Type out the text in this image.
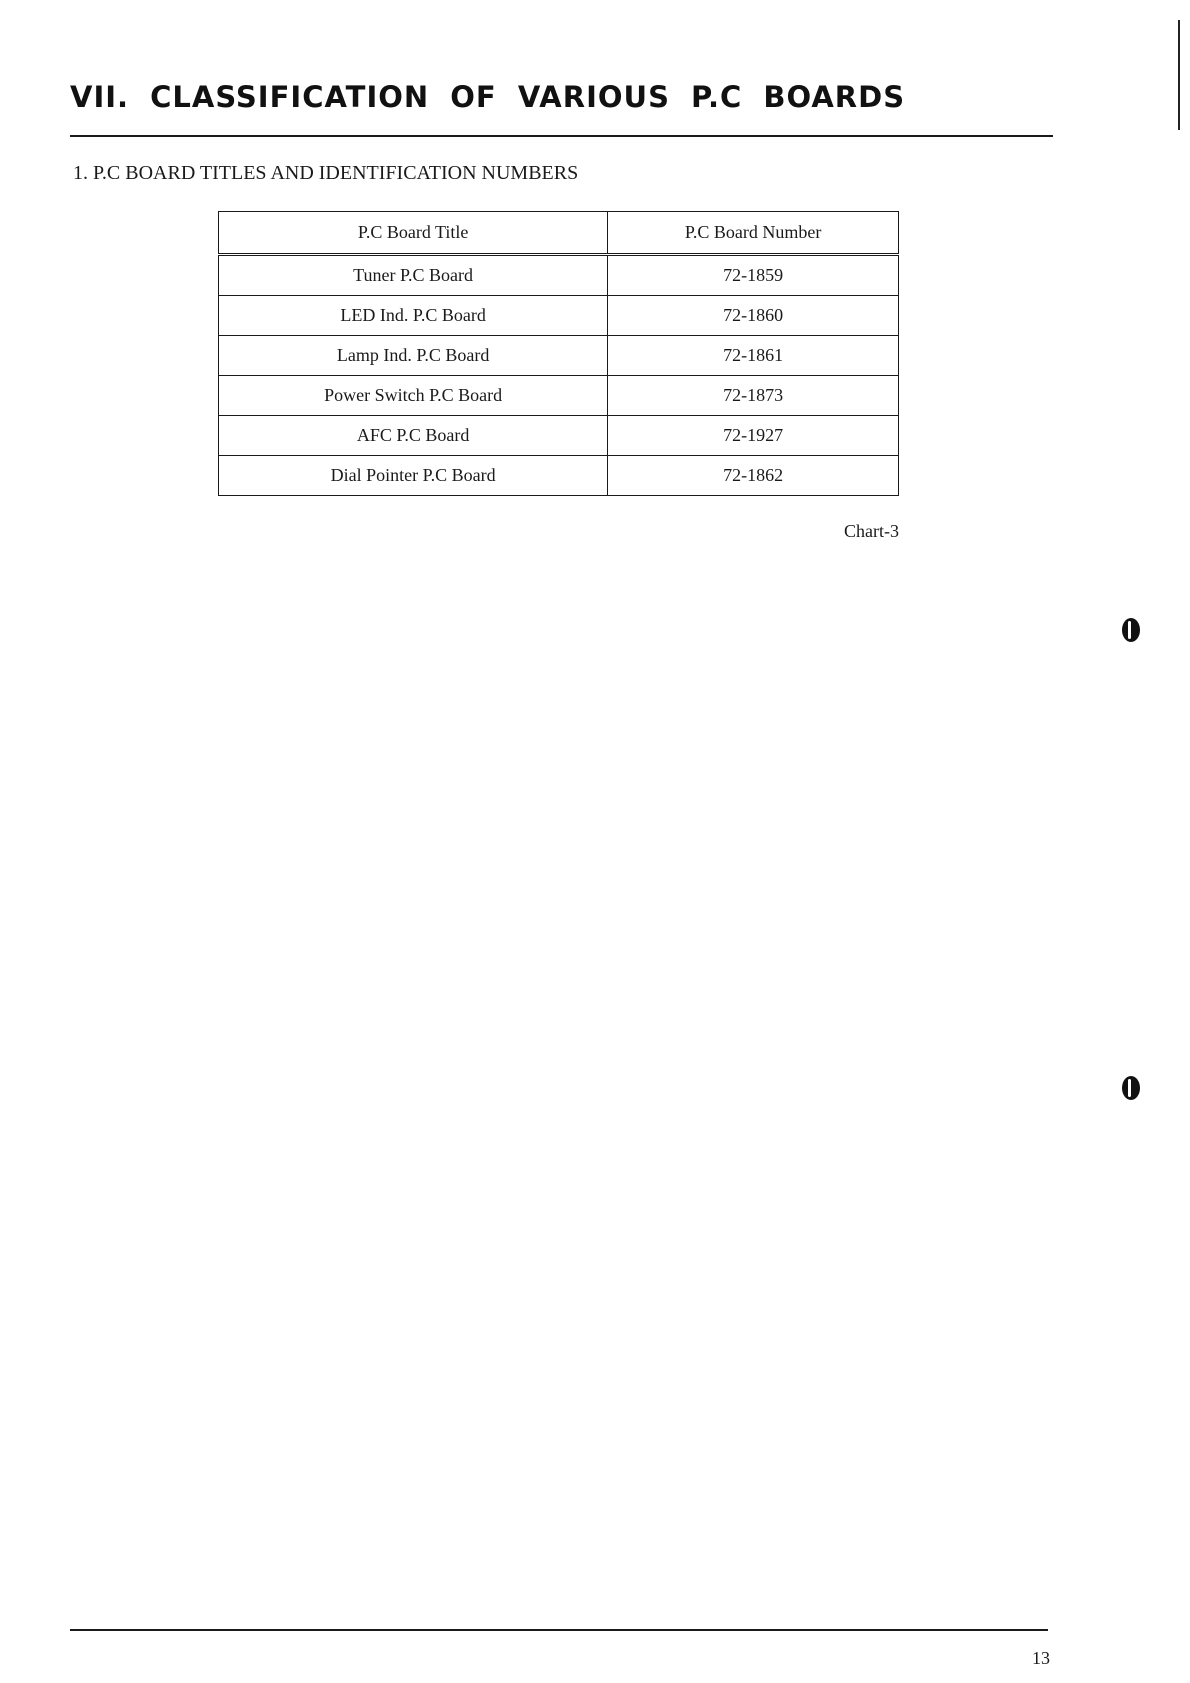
VII. CLASSIFICATION OF VARIOUS P.C BOARDS
1. P.C BOARD TITLES AND IDENTIFICATION NUMBERS
P.C Board Title	P.C Board Number
Tuner P.C Board	72-1859
LED Ind. P.C Board	72-1860
Lamp Ind. P.C Board	72-1861
Power Switch P.C Board	72-1873
AFC P.C Board	72-1927
Dial Pointer P.C Board	72-1862
Chart-3
13
